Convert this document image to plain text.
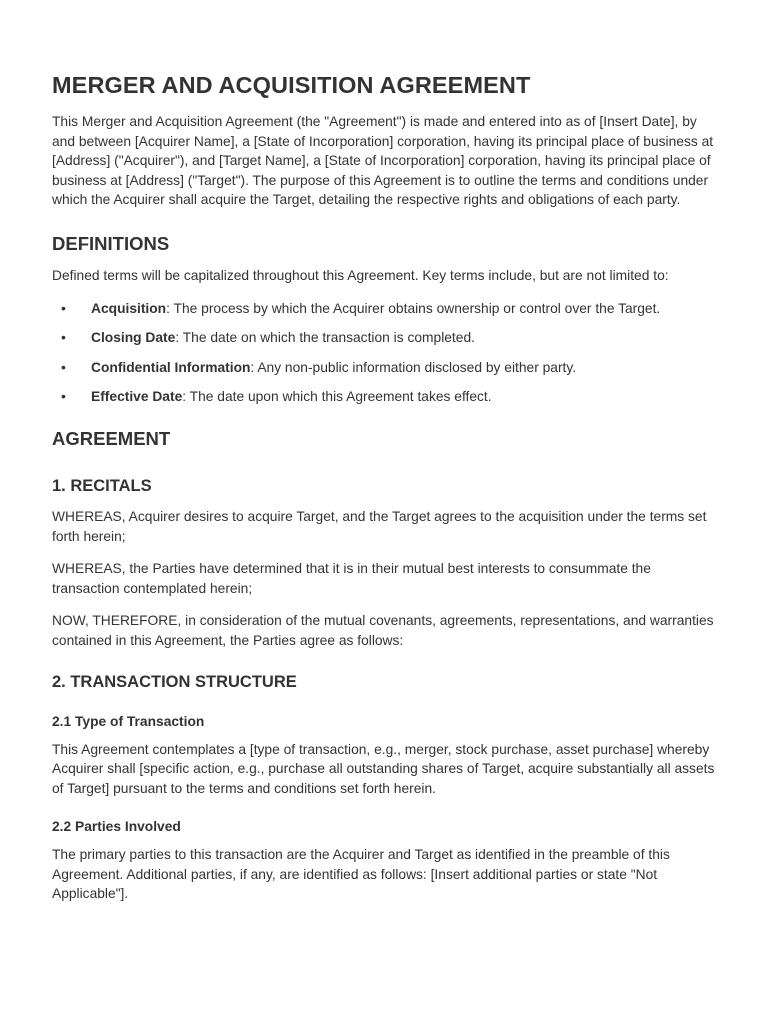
MERGER AND ACQUISITION AGREEMENT

This Merger and Acquisition Agreement (the "Agreement") is made and entered into as of [Insert Date], by and between [Acquirer Name], a [State of Incorporation] corporation, having its principal place of business at [Address] ("Acquirer"), and [Target Name], a [State of Incorporation] corporation, having its principal place of business at [Address] ("Target"). The purpose of this Agreement is to outline the terms and conditions under which the Acquirer shall acquire the Target, detailing the respective rights and obligations of each party.

DEFINITIONS

Defined terms will be capitalized throughout this Agreement. Key terms include, but are not limited to:

• Acquisition: The process by which the Acquirer obtains ownership or control over the Target.
• Closing Date: The date on which the transaction is completed.
• Confidential Information: Any non-public information disclosed by either party.
• Effective Date: The date upon which this Agreement takes effect.
AGREEMENT
1. RECITALS

WHEREAS, Acquirer desires to acquire Target, and the Target agrees to the acquisition under the terms set forth herein;

WHEREAS, the Parties have determined that it is in their mutual best interests to consummate the transaction contemplated herein;

NOW, THEREFORE, in consideration of the mutual covenants, agreements, representations, and warranties contained in this Agreement, the Parties agree as follows:

2. TRANSACTION STRUCTURE
2.1 Type of Transaction

This Agreement contemplates a [type of transaction, e.g., merger, stock purchase, asset purchase] whereby Acquirer shall [specific action, e.g., purchase all outstanding shares of Target, acquire substantially all assets of Target] pursuant to the terms and conditions set forth herein.

2.2 Parties Involved

The primary parties to this transaction are the Acquirer and Target as identified in the preamble of this Agreement. Additional parties, if any, are identified as follows: [Insert additional parties or state "Not Applicable"].
